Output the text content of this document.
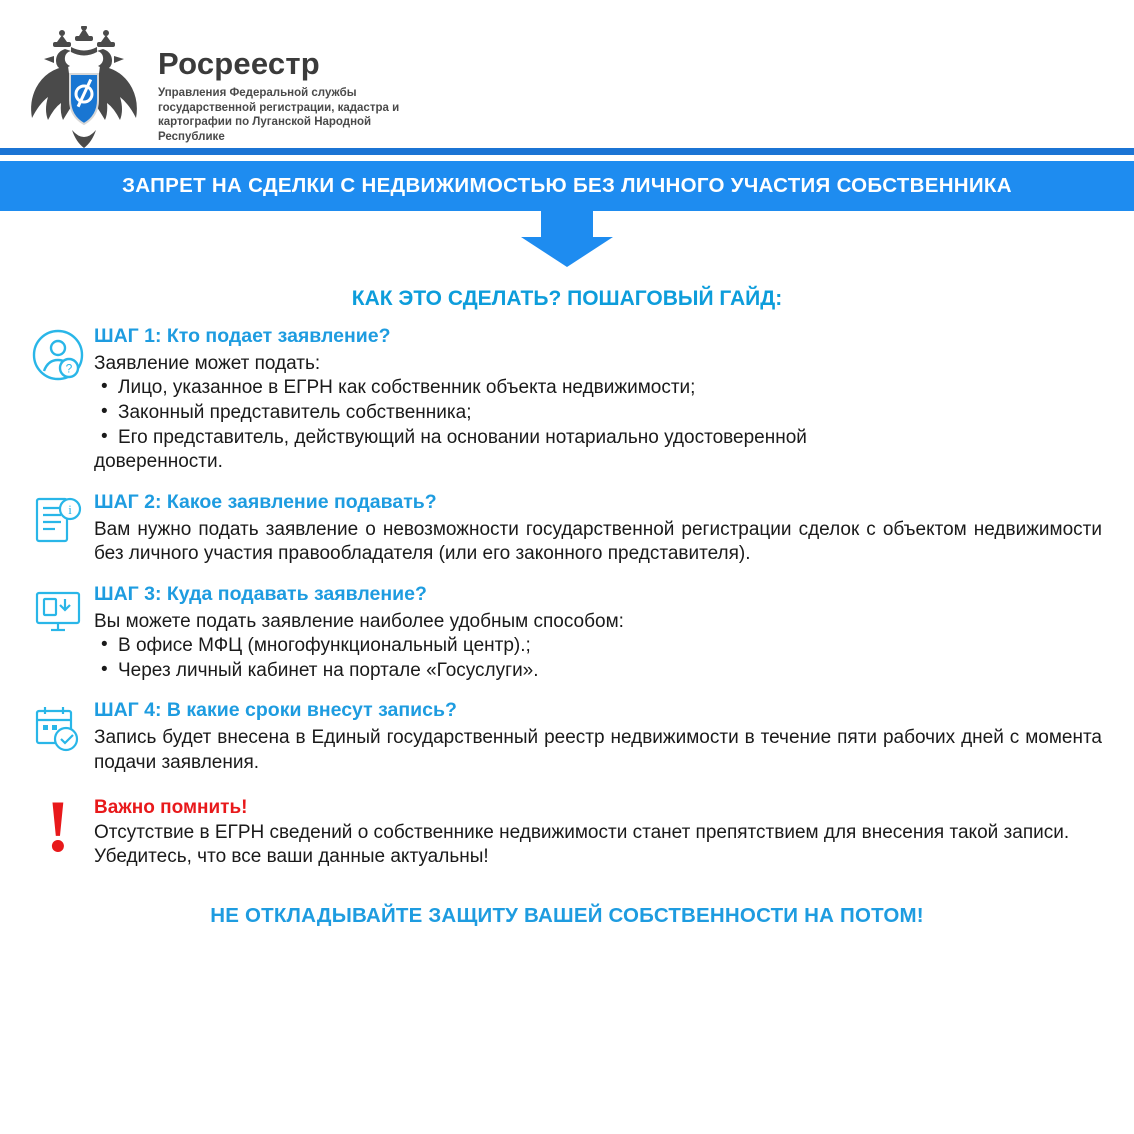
Росреестр
Управления Федеральной службы государственной регистрации, кадастра и картографии по Луганской Народной Республике
ЗАПРЕТ НА СДЕЛКИ С НЕДВИЖИМОСТЬЮ БЕЗ ЛИЧНОГО УЧАСТИЯ СОБСТВЕННИКА
КАК ЭТО СДЕЛАТЬ? ПОШАГОВЫЙ ГАЙД:
?
ШАГ 1: Кто подает заявление?
Заявление может подать:
• Лицо, указанное в ЕГРН как собственник объекта недвижимости;
• Законный представитель собственника;
• Его представитель, действующий на основании нотариально удостоверенной
доверенности.
i ШАГ 2: Какое заявление подавать?
Вам нужно подать заявление о невозможности государственной регистрации сделок с объектом недвижимости без личного участия правообладателя (или его законного представителя).
ШАГ 3: Куда подавать заявление?
Вы можете подать заявление наиболее удобным способом:
• В офисе МФЦ (многофункциональный центр).;
• Через личный кабинет на портале «Госуслуги».
ШАГ 4: В какие сроки внесут запись?
Запись будет внесена в Единый государственный реестр недвижимости в течение пяти рабочих дней с момента подачи заявления.
! Важно помнить!
Отсутствие в ЕГРН сведений о собственнике недвижимости станет препятствием для внесения такой записи. Убедитесь, что все ваши данные актуальны!
НЕ ОТКЛАДЫВАЙТЕ ЗАЩИТУ ВАШЕЙ СОБСТВЕННОСТИ НА ПОТОМ!
